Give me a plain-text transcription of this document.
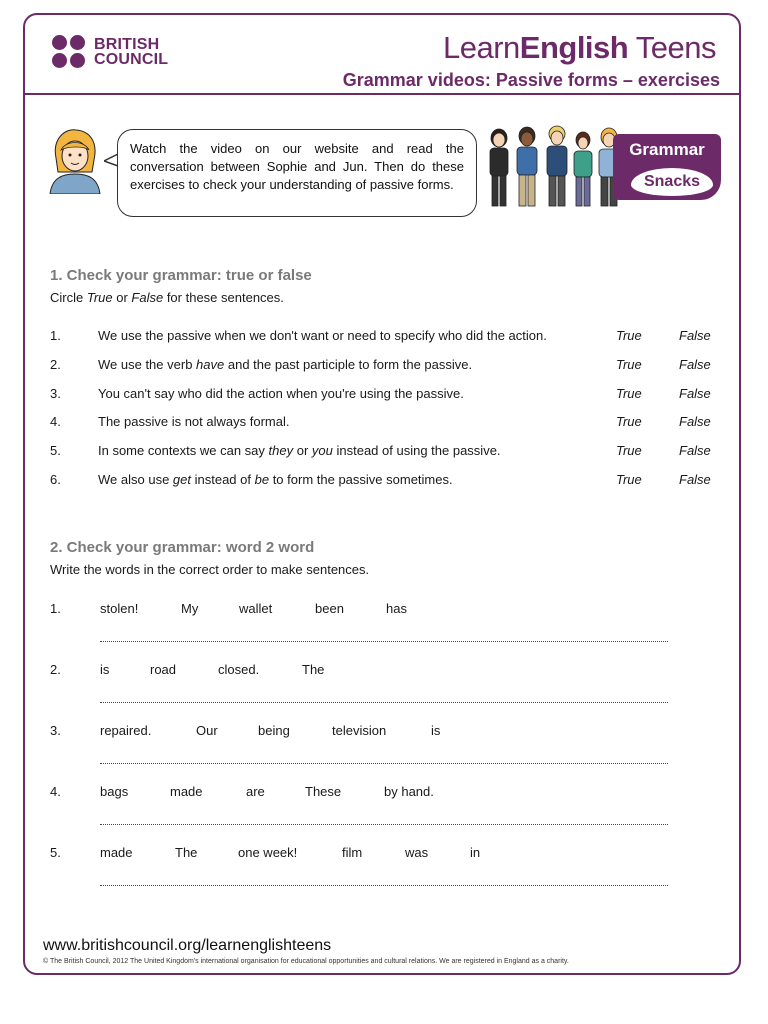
BRITISH
COUNCIL	LearnEnglish Teens
Grammar videos: Passive forms – exercises
Watch the video on our website and read the conversation between Sophie and Jun. Then do these exercises to check your understanding of passive forms.
Grammar
Snacks
1. Check your grammar: true or false
Circle True or False for these sentences.
1.	We use the passive when we don't want or need to specify who did the action.	True	False
2.	We use the verb have and the past participle to form the passive.	True	False
3.	You can't say who did the action when you're using the passive.	True	False
4.	The passive is not always formal.	True	False
5.	In some contexts we can say they or you instead of using the passive.	True	False
6.	We also use get instead of be to form the passive sometimes.	True	False
2. Check your grammar: word 2 word
Write the words in the correct order to make sentences.
1.	stolen!	My	wallet	been	has
2.	is	road	closed.	The
3.	repaired.	Our	being	television	is
4.	bags	made	are	These	by hand.
5.	made	The	one week!	film	was	in
www.britishcouncil.org/learnenglishteens
© The British Council, 2012 The United Kingdom's international organisation for educational opportunities and cultural relations. We are registered in England as a charity.
